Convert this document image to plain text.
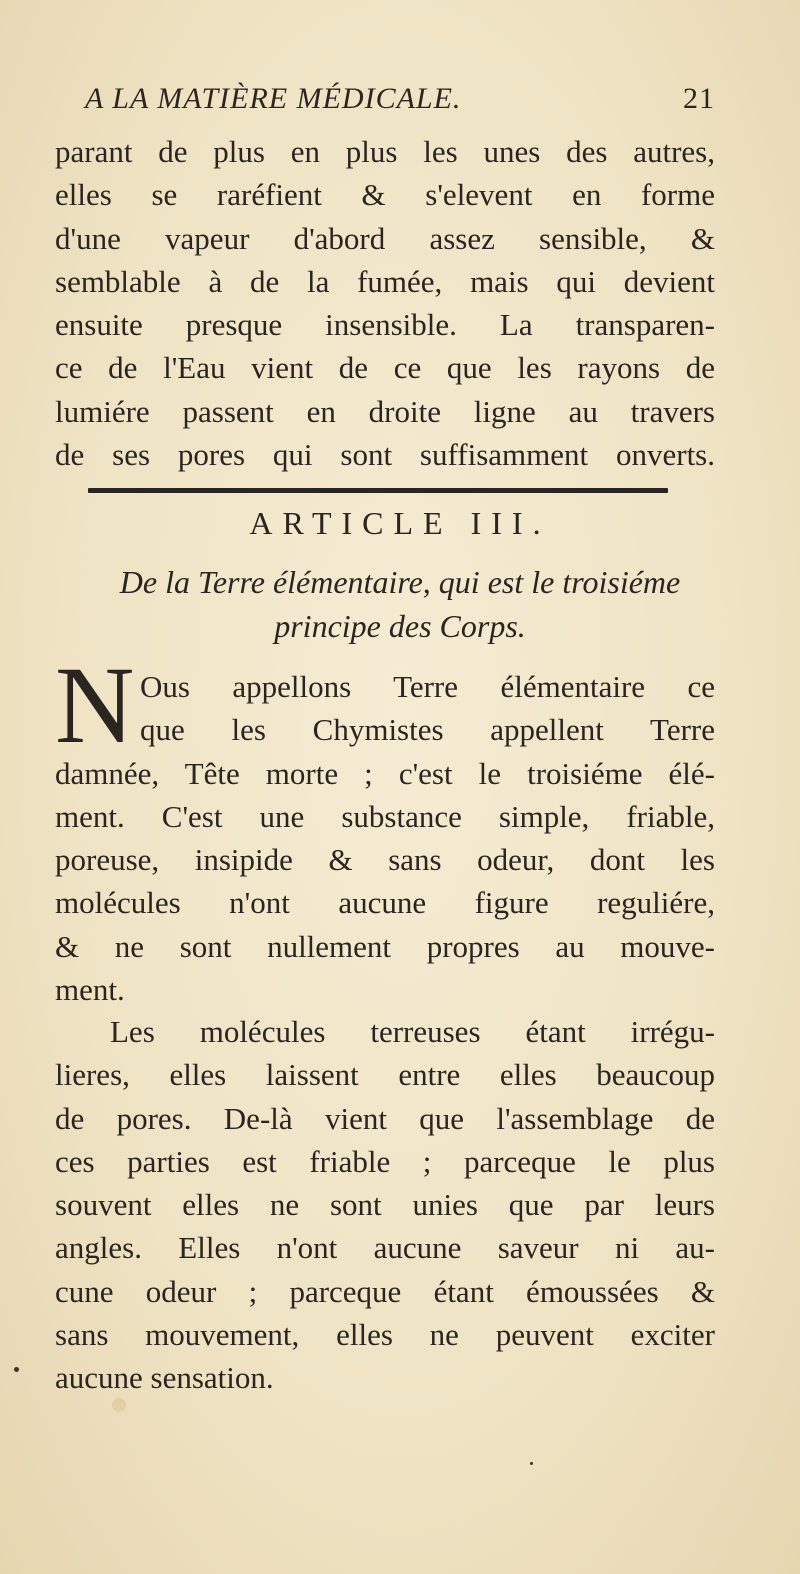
A LA MATIÈRE MÉDICALE.	21
parant de plus en plus les unes des autres,
elles se raréfient & s'elevent en forme
d'une vapeur d'abord assez sensible, &
semblable à de la fumée, mais qui devient
ensuite presque insensible. La transparen-
ce de l'Eau vient de ce que les rayons de
lumiére passent en droite ligne au travers
de ses pores qui sont suffisamment onverts.
ARTICLE III.
De la Terre élémentaire, qui est le troisiéme
principe des Corps.
N Ous appellons Terre élémentaire ce
que les Chymistes appellent Terre
damnée, Tête morte ; c'est le troisiéme élé-
ment. C'est une substance simple, friable,
poreuse, insipide & sans odeur, dont les
molécules n'ont aucune figure reguliére,
& ne sont nullement propres au mouve-
ment.
Les molécules terreuses étant irrégu-
lieres, elles laissent entre elles beaucoup
de pores. De-là vient que l'assemblage de
ces parties est friable ; parceque le plus
souvent elles ne sont unies que par leurs
angles. Elles n'ont aucune saveur ni au-
cune odeur ; parceque étant émoussées &
sans mouvement, elles ne peuvent exciter
aucune sensation.
